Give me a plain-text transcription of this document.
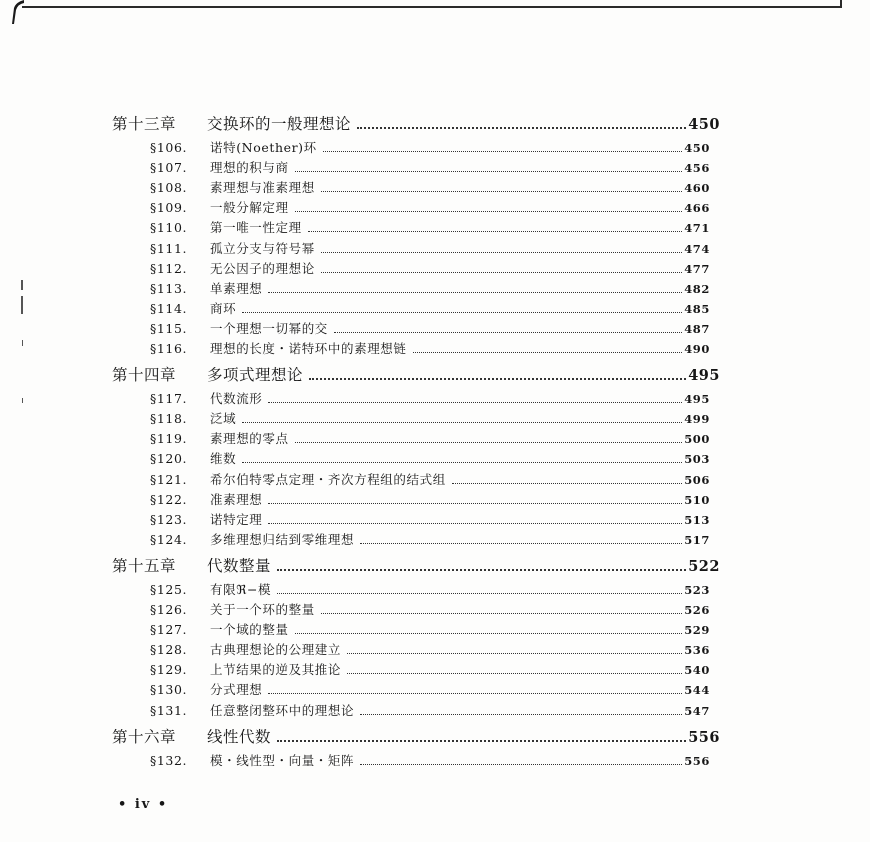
第十三章	交换环的一般理想论	450
§106.	诺特(Noether)环	450
§107.	理想的积与商	456
§108.	素理想与准素理想	460
§109.	一般分解定理	466
§110.	第一唯一性定理	471
§111.	孤立分支与符号幂	474
§112.	无公因子的理想论	477
§113.	单素理想	482
§114.	商环	485
§115.	一个理想一切幂的交	487
§116.	理想的长度・诺特环中的素理想链	490
第十四章	多项式理想论	495
§117.	代数流形	495
§118.	泛域	499
§119.	素理想的零点	500
§120.	维数	503
§121.	希尔伯特零点定理・齐次方程组的结式组	506
§122.	准素理想	510
§123.	诺特定理	513
§124.	多维理想归结到零维理想	517
第十五章	代数整量	522
§125.	有限ℜ−模	523
§126.	关于一个环的整量	526
§127.	一个域的整量	529
§128.	古典理想论的公理建立	536
§129.	上节结果的逆及其推论	540
§130.	分式理想	544
§131.	任意整闭整环中的理想论	547
第十六章	线性代数	556
§132.	模・线性型・向量・矩阵	556
• iv •
